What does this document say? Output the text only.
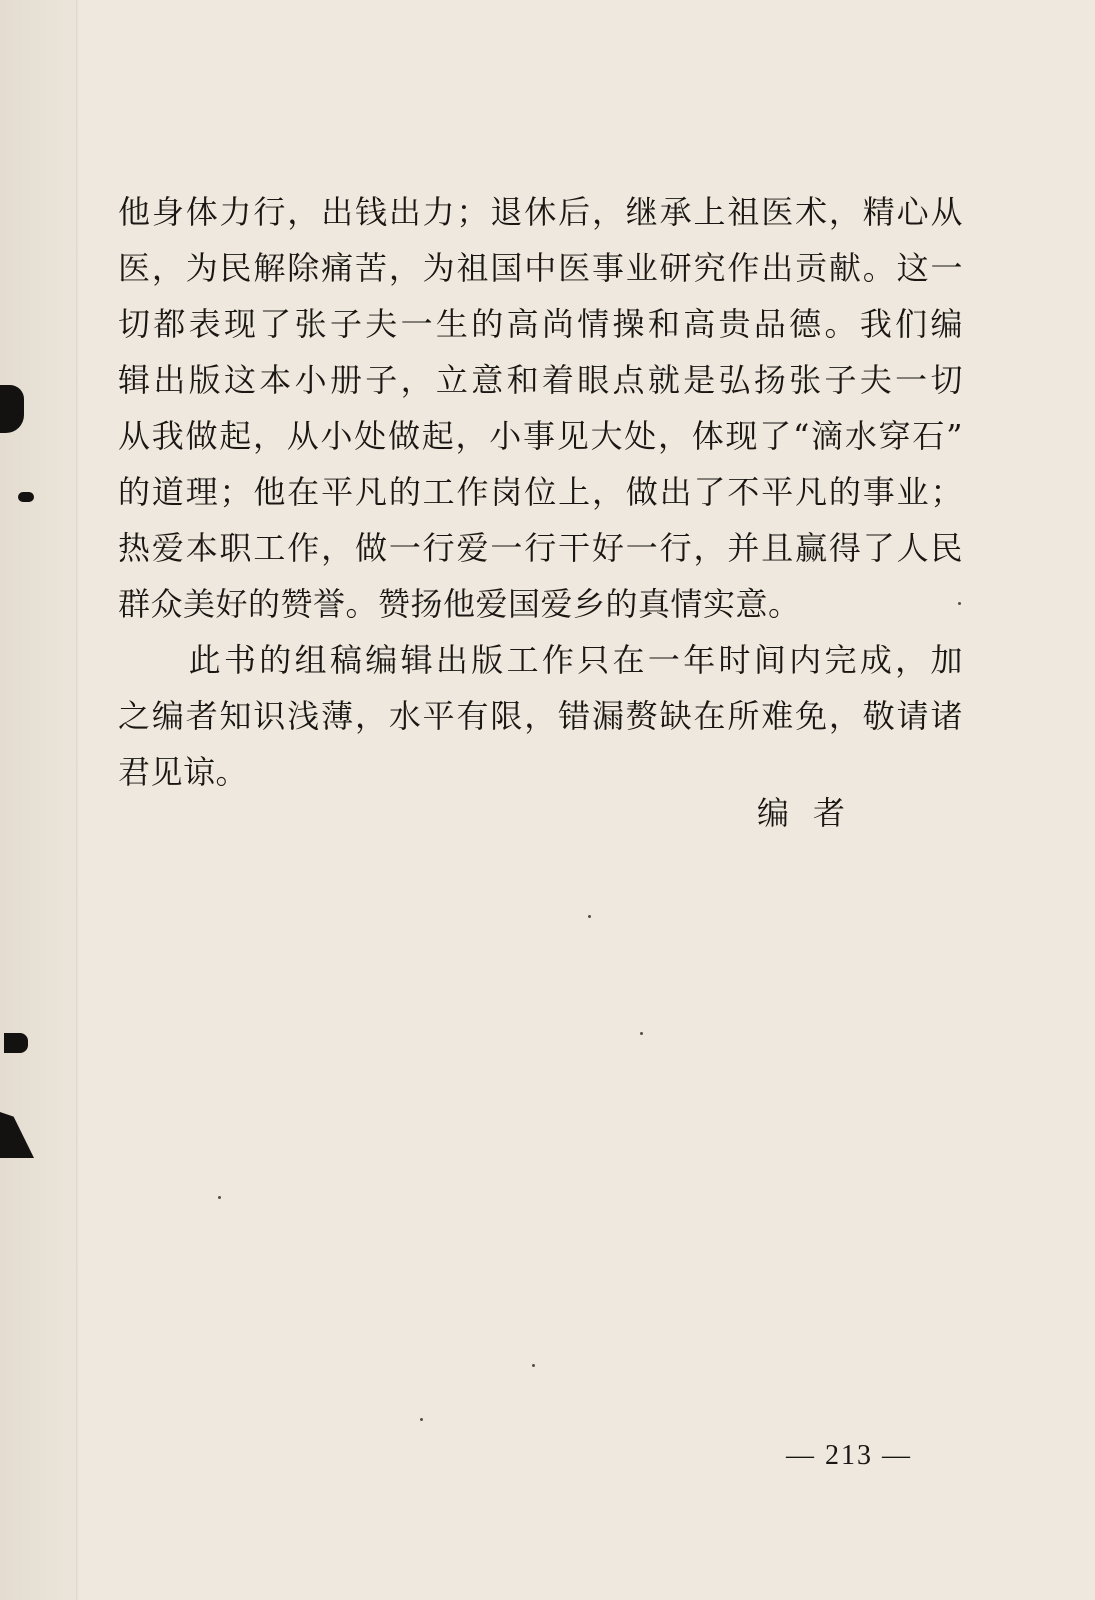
他身体力行，出钱出力；退休后，继承上祖医术，精心从
医，为民解除痛苦，为祖国中医事业研究作出贡献。这一
切都表现了张子夫一生的高尚情操和高贵品德。我们编
辑出版这本小册子，立意和着眼点就是弘扬张子夫一切
从我做起，从小处做起，小事见大处，体现了“滴水穿石”
的道理；他在平凡的工作岗位上，做出了不平凡的事业；
热爱本职工作，做一行爱一行干好一行，并且赢得了人民
群众美好的赞誉。赞扬他爱国爱乡的真情实意。
　　此书的组稿编辑出版工作只在一年时间内完成，加
之编者知识浅薄，水平有限，错漏赘缺在所难免，敬请诸
君见谅。
编者
— 213 —
